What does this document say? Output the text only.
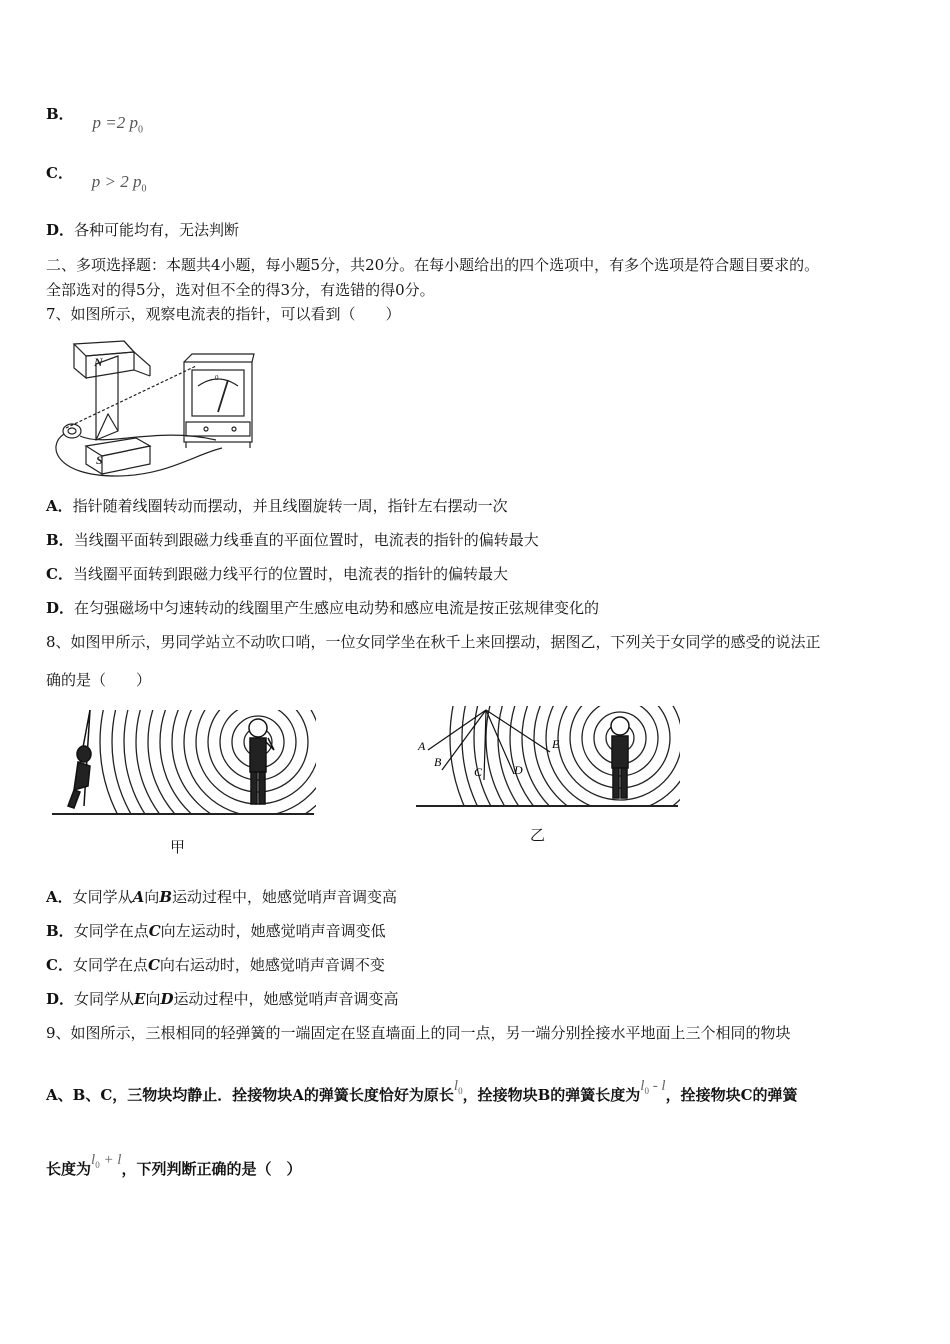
B． p =2 $p_0$
C． p > 2 $p_0$
D．各种可能均有，无法判断
二、多项选择题：本题共4小题，每小题5分，共20分。在每小题给出的四个选项中，有多个选项是符合题目要求的。
全部选对的得5分，选对但不全的得3分，有选错的得0分。
7、如图所示，观察电流表的指针，可以看到（　　）
N
S
0
A．指针随着线圈转动而摆动，并且线圈旋转一周，指针左右摆动一次
B．当线圈平面转到跟磁力线垂直的平面位置时，电流表的指针的偏转最大
C．当线圈平面转到跟磁力线平行的位置时，电流表的指针的偏转最大
D．在匀强磁场中匀速转动的线圈里产生感应电动势和感应电流是按正弦规律变化的
8、如图甲所示，男同学站立不动吹口哨，一位女同学坐在秋千上来回摆动，据图乙，下列关于女同学的感受的说法正
确的是（　　）
甲
A
B
C	D
E
乙
A．女同学从A向B运动过程中，她感觉哨声音调变高
B．女同学在点C向左运动时，她感觉哨声音调变低
C．女同学在点C向右运动时，她感觉哨声音调不变
D．女同学从E向D运动过程中，她感觉哨声音调变高
9、如图所示，三根相同的轻弹簧的一端固定在竖直墙面上的同一点，另一端分别拴接水平地面上三个相同的物块
A、B、C，三物块均静止．拴接物块A的弹簧长度恰好为原长$l_0$，拴接物块B的弹簧长度为$l_0$ - l，拴接物块C的弹簧
长度为$l_0 + l$，下列判断正确的是（　）
